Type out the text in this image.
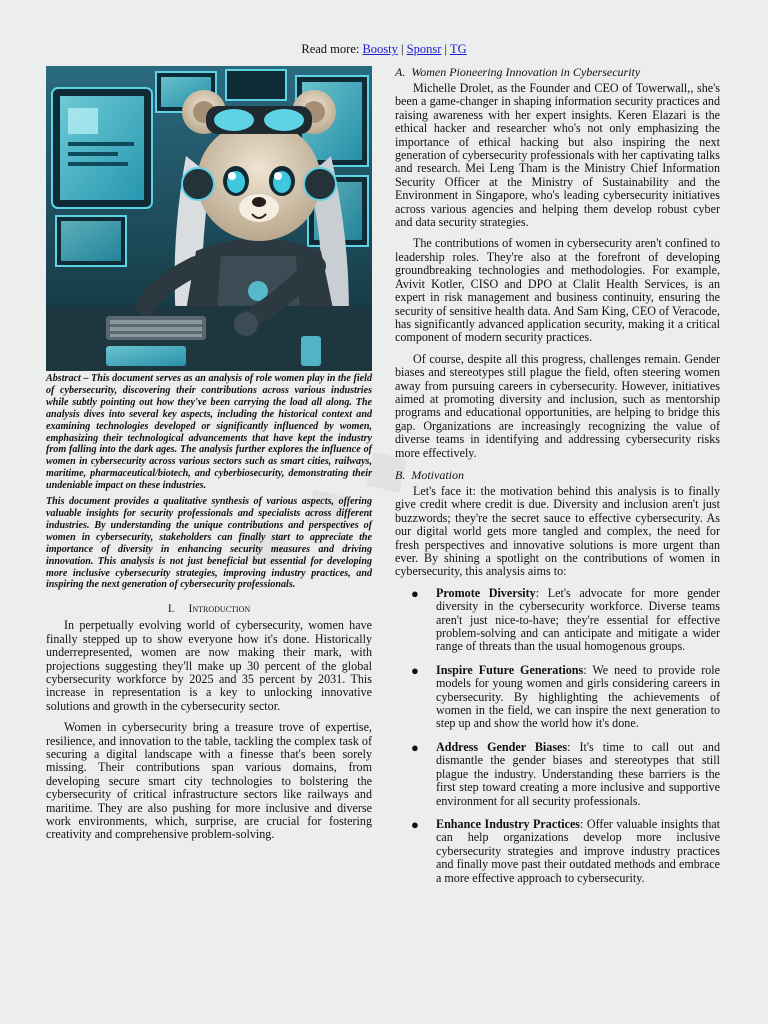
Read more: Boosty | Sponsr | TG

Abstract – This document serves as an analysis of role women play in the field of cybersecurity, discovering their contributions across various industries while subtly pointing out how they've been carrying the load all along. The analysis dives into several key aspects, including the historical context and examining technologies developed or significantly influenced by women, emphasizing their technological advancements that have kept the industry from falling into the dark ages. The analysis further explores the influence of women in cybersecurity across various sectors such as smart cities, railways, maritime, pharmaceutical/biotech, and cyberbiosecurity, demonstrating their undeniable impact on these industries.

This document provides a qualitative synthesis of various aspects, offering valuable insights for security professionals and specialists across different industries. By understanding the unique contributions and perspectives of women in cybersecurity, stakeholders can finally start to appreciate the importance of diversity in enhancing security measures and driving innovation. This analysis is not just beneficial but essential for developing more inclusive cybersecurity strategies, improving industry practices, and inspiring the next generation of cybersecurity professionals.

I. Introduction

In perpetually evolving world of cybersecurity, women have finally stepped up to show everyone how it's done. Historically underrepresented, women are now making their mark, with projections suggesting they'll make up 30 percent of the global cybersecurity workforce by 2025 and 35 percent by 2031. This increase in representation is a key to unlocking innovative solutions and growth in the cybersecurity sector.

Women in cybersecurity bring a treasure trove of expertise, resilience, and innovation to the table, tackling the complex task of securing a digital landscape with a finesse that's been sorely missing. Their contributions span various domains, from developing secure smart city technologies to bolstering the cybersecurity of critical infrastructure sectors like railways and maritime. They are also pushing for more inclusive and diverse work environments, which, surprise, are crucial for fostering creativity and comprehensive problem-solving.

A. Women Pioneering Innovation in Cybersecurity

Michelle Drolet, as the Founder and CEO of Towerwall,, she's been a game-changer in shaping information security practices and raising awareness with her expert insights. Keren Elazari is the ethical hacker and researcher who's not only emphasizing the importance of ethical hacking but also inspiring the next generation of cybersecurity professionals with her captivating talks and research. Mei Leng Tham is the Ministry Chief Information Security Officer at the Ministry of Sustainability and the Environment in Singapore, who's leading cybersecurity initiatives across various agencies and helping them develop robust cyber and data security strategies.

The contributions of women in cybersecurity aren't confined to leadership roles. They're also at the forefront of developing groundbreaking technologies and methodologies. For example, Avivit Kotler, CISO and DPO at Clalit Health Services, is an expert in risk management and business continuity, ensuring the security of sensitive health data. And Sam King, CEO of Veracode, has significantly advanced application security, making it a critical component of modern security practices.

Of course, despite all this progress, challenges remain. Gender biases and stereotypes still plague the field, often steering women away from pursuing careers in cybersecurity. However, initiatives aimed at promoting diversity and inclusion, such as mentorship programs and educational opportunities, are helping to bridge this gap. Organizations are increasingly recognizing the value of diverse teams in identifying and addressing cybersecurity risks more effectively.

B. Motivation

Let's face it: the motivation behind this analysis is to finally give credit where credit is due. Diversity and inclusion aren't just buzzwords; they're the secret sauce to effective cybersecurity. As our digital world gets more tangled and complex, the need for fresh perspectives and innovative solutions is more urgent than ever. By shining a spotlight on the contributions of women in cybersecurity, this analysis aims to:

● Promote Diversity: Let's advocate for more gender diversity in the cybersecurity workforce. Diverse teams aren't just nice-to-have; they're essential for effective problem-solving and can anticipate and mitigate a wider range of threats than the usual homogenous groups.
● Inspire Future Generations: We need to provide role models for young women and girls considering careers in cybersecurity. By highlighting the achievements of women in the field, we can inspire the next generation to step up and show the world how it's done.
● Address Gender Biases: It's time to call out and dismantle the gender biases and stereotypes that still plague the industry. Understanding these barriers is the first step toward creating a more inclusive and supportive environment for all security professionals.
● Enhance Industry Practices: Offer valuable insights that can help organizations develop more inclusive cybersecurity strategies and improve industry practices and finally move past their outdated methods and embrace a more effective approach to cybersecurity.
